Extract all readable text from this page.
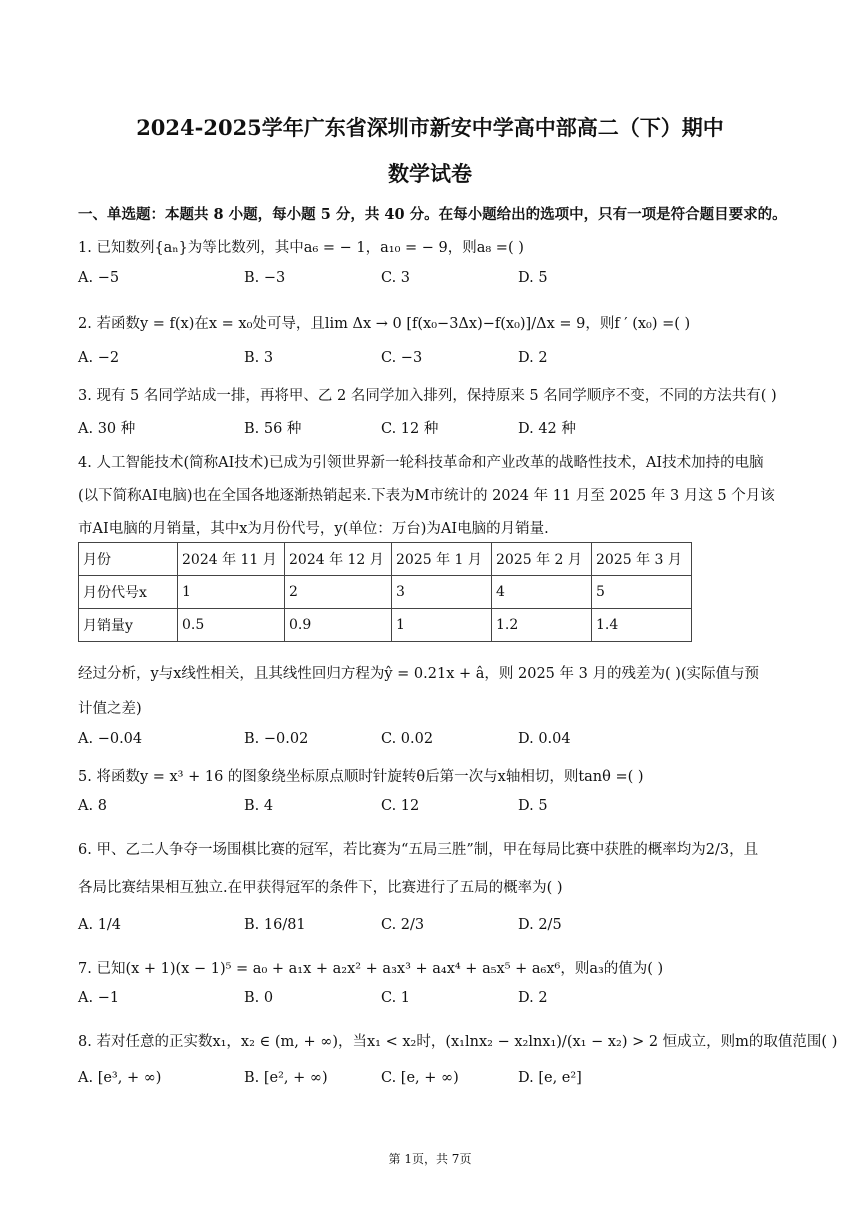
2024-2025学年广东省深圳市新安中学高中部高二（下）期中
数学试卷
一、单选题：本题共 8 小题，每小题 5 分，共 40 分。在每小题给出的选项中，只有一项是符合题目要求的。
1. 已知数列{aₙ}为等比数列，其中a₆ = − 1，a₁₀ = − 9，则a₈ =( )
A. −5	B. −3	C. 3	D. 5
2. 若函数y = f(x)在x = x₀处可导，且lim Δx → 0 [f(x₀−3Δx)−f(x₀)]/Δx = 9，则f ′ (x₀) =( )
A. −2	B. 3	C. −3	D. 2
3. 现有 5 名同学站成一排，再将甲、乙 2 名同学加入排列，保持原来 5 名同学顺序不变，不同的方法共有( )
A. 30 种	B. 56 种	C. 12 种	D. 42 种
4. 人工智能技术(简称AI技术)已成为引领世界新一轮科技革命和产业改革的战略性技术，AI技术加持的电脑
(以下简称AI电脑)也在全国各地逐渐热销起来.下表为M市统计的 2024 年 11 月至 2025 年 3 月这 5 个月该
市AI电脑的月销量，其中x为月份代号，y(单位：万台)为AI电脑的月销量.
月份	2024 年 11 月	2024 年 12 月	2025 年 1 月	2025 年 2 月	2025 年 3 月
月份代号x	1	2	3	4	5
月销量y	0.5	0.9	1	1.2	1.4
经过分析，y与x线性相关，且其线性回归方程为ŷ = 0.21x + â，则 2025 年 3 月的残差为( )(实际值与预
计值之差)
A. −0.04	B. −0.02	C. 0.02	D. 0.04
5. 将函数y = x³ + 16 的图象绕坐标原点顺时针旋转θ后第一次与x轴相切，则tanθ =( )
A. 8	B. 4	C. 12	D. 5
6. 甲、乙二人争夺一场围棋比赛的冠军，若比赛为“五局三胜”制，甲在每局比赛中获胜的概率均为2/3，且
各局比赛结果相互独立.在甲获得冠军的条件下，比赛进行了五局的概率为( )
A. 1/4	B. 16/81	C. 2/3	D. 2/5
7. 已知(x + 1)(x − 1)⁵ = a₀ + a₁x + a₂x² + a₃x³ + a₄x⁴ + a₅x⁵ + a₆x⁶，则a₃的值为( )
A. −1	B. 0	C. 1	D. 2
8. 若对任意的正实数x₁，x₂ ∈ (m, + ∞)，当x₁ < x₂时，(x₁lnx₂ − x₂lnx₁)/(x₁ − x₂) > 2 恒成立，则m的取值范围( )
A. [e³, + ∞)	B. [e², + ∞)	C. [e, + ∞)	D. [e, e²]
第 1页，共 7页
